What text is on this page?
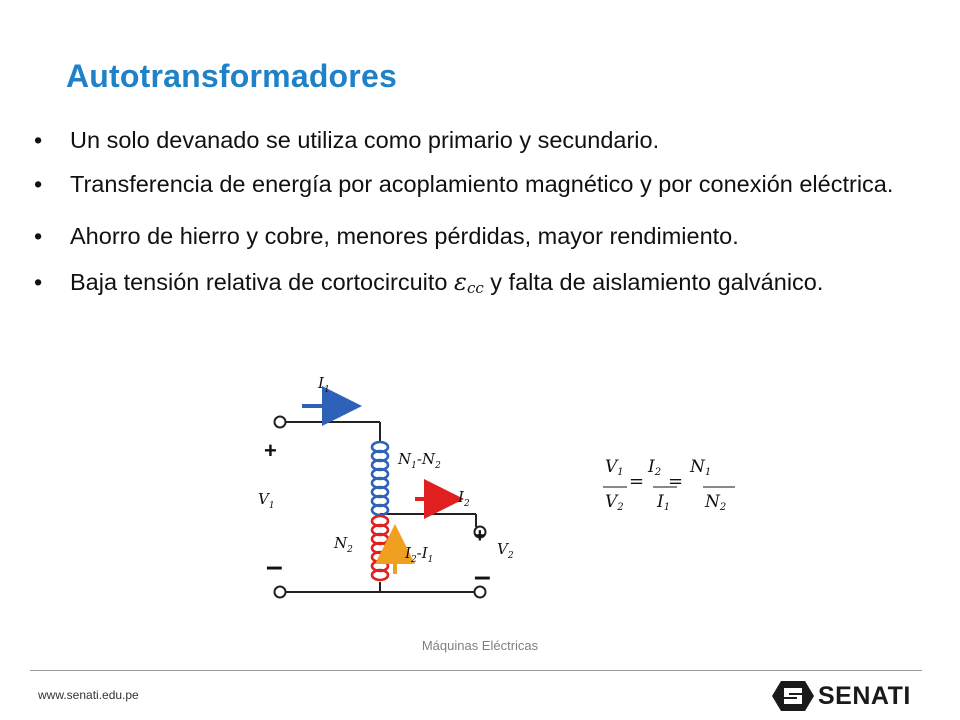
Autotransformadores
• Un solo devanado se utiliza como primario y secundario.
• Transferencia de energía por acoplamiento magnético y por conexión eléctrica.
• Ahorro de hierro y cobre, menores pérdidas, mayor rendimiento.
• Baja tensión relativa de cortocircuito $\varepsilon_{cc}$ y falta de aislamiento galvánico.
$I_1$
$N_1-N_2$
$I_2$
$V_1$
$N_2$	$I_2-I_1$
$V_2$
+
–
+
–
V1
V2
I2
I1
N1
N2
= =
Máquinas Eléctricas
www.senati.edu.pe	SENATI
